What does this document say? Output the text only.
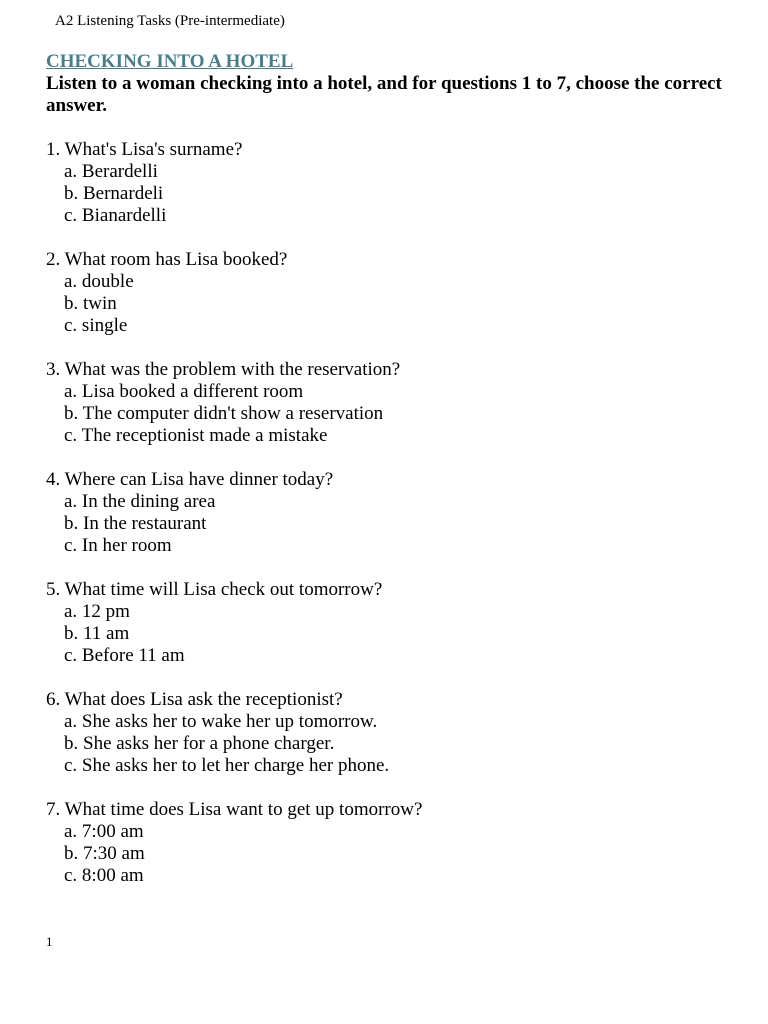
A2 Listening Tasks (Pre-intermediate)

CHECKING INTO A HOTEL

Listen to a woman checking into a hotel, and for questions 1 to 7, choose the correct answer.

1. What's Lisa's surname?

a. Berardelli
b. Bernardeli
c. Bianardelli

2. What room has Lisa booked?

a. double
b. twin
c. single

3. What was the problem with the reservation?

a. Lisa booked a different room
b. The computer didn't show a reservation
c. The receptionist made a mistake

4. Where can Lisa have dinner today?

a. In the dining area
b. In the restaurant
c. In her room

5. What time will Lisa check out tomorrow?

a. 12 pm
b. 11 am
c. Before 11 am

6. What does Lisa ask the receptionist?

a. She asks her to wake her up tomorrow.
b. She asks her for a phone charger.
c. She asks her to let her charge her phone.

7. What time does Lisa want to get up tomorrow?

a. 7:00 am
b. 7:30 am
c. 8:00 am

1
